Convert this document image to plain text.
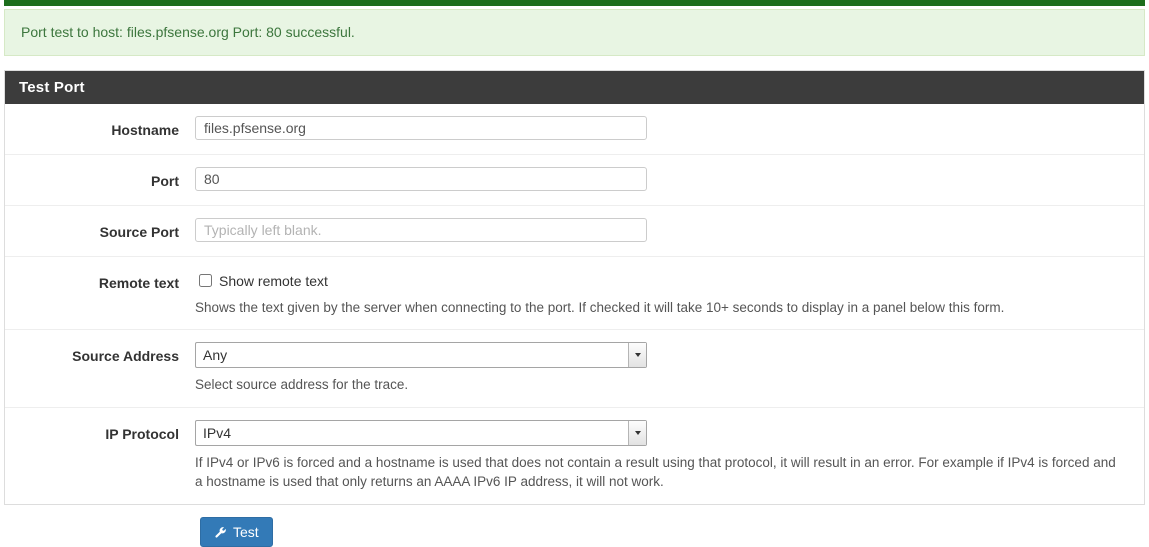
Port test to host: files.pfsense.org Port: 80 successful.
Test Port
Hostname
files.pfsense.org
Port
80
Source Port
Typically left blank.
Remote text	Show remote text
Shows the text given by the server when connecting to the port. If checked it will take 10+ seconds to display in a panel below this form.
Source Address
Any
Select source address for the trace.
IP Protocol
IPv4
If IPv4 or IPv6 is forced and a hostname is used that does not contain a result using that protocol, it will result in an error. For example if IPv4 is forced and a hostname is used that only returns an AAAA IPv6 IP address, it will not work.
Test
